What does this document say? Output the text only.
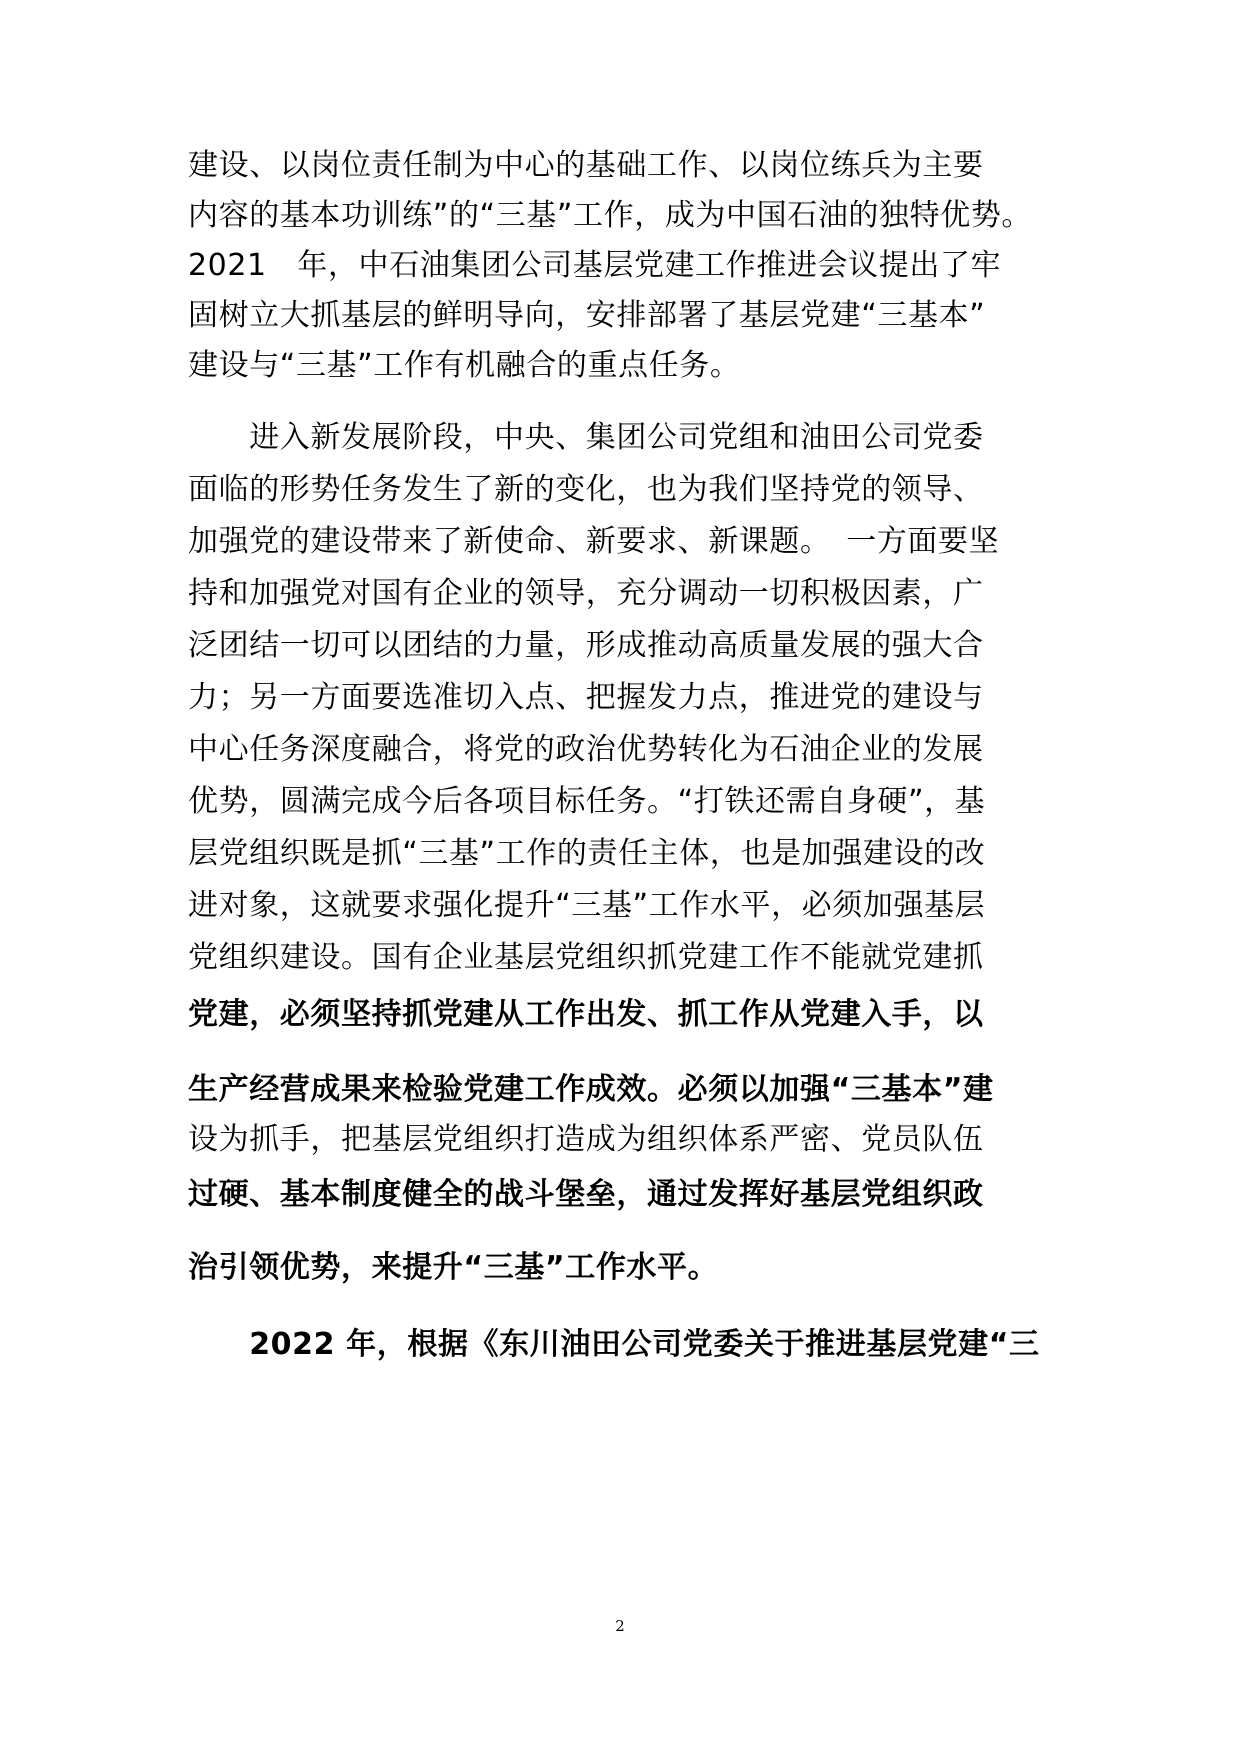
建设、以岗位责任制为中心的基础工作、以岗位练兵为主要
内容的基本功训练”的“三基”工作，成为中国石油的独特优势。
2021　年，中石油集团公司基层党建工作推进会议提出了牢
固树立大抓基层的鲜明导向，安排部署了基层党建“三基本”
建设与“三基”工作有机融合的重点任务。
　　进入新发展阶段，中央、集团公司党组和油田公司党委
面临的形势任务发生了新的变化，也为我们坚持党的领导、
加强党的建设带来了新使命、新要求、新课题。　一方面要坚
持和加强党对国有企业的领导，充分调动一切积极因素，广
泛团结一切可以团结的力量，形成推动高质量发展的强大合
力；另一方面要选准切入点、把握发力点，推进党的建设与
中心任务深度融合，将党的政治优势转化为石油企业的发展
优势，圆满完成今后各项目标任务。“打铁还需自身硬”，基
层党组织既是抓“三基”工作的责任主体，也是加强建设的改
进对象，这就要求强化提升“三基”工作水平，必须加强基层
党组织建设。国有企业基层党组织抓党建工作不能就党建抓
党建，必须坚持抓党建从工作出发、抓工作从党建入手，以
生产经营成果来检验党建工作成效。必须以加强“三基本”建
设为抓手，把基层党组织打造成为组织体系严密、党员队伍
过硬、基本制度健全的战斗堡垒，通过发挥好基层党组织政
治引领优势，来提升“三基”工作水平。
　　2022 年，根据《东川油田公司党委关于推进基层党建“三
2
